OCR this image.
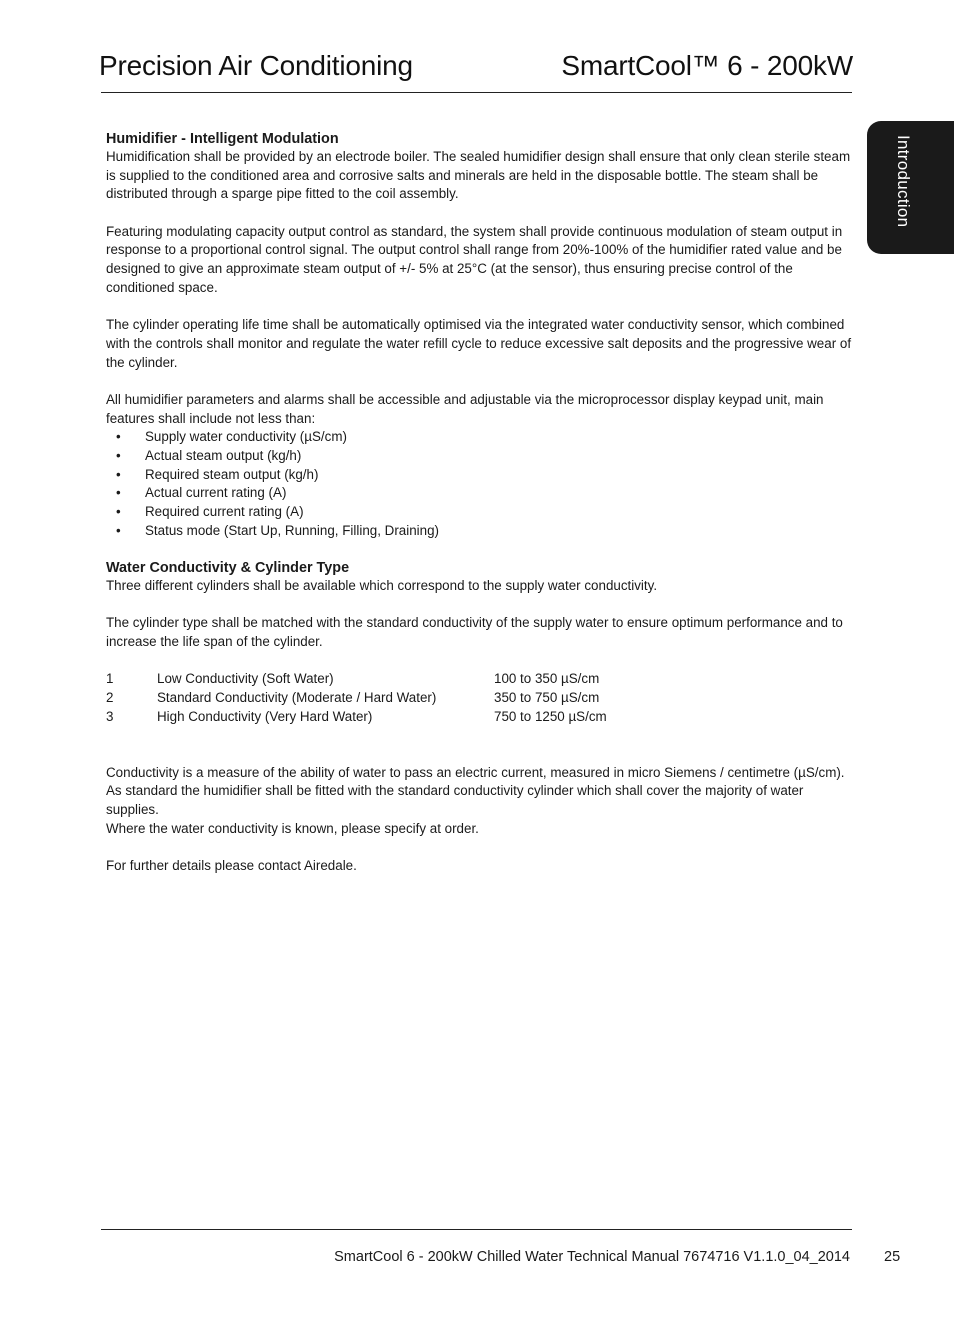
Precision Air Conditioning	SmartCool™ 6 - 200kW
Introduction
Humidifier - Intelligent Modulation

Humidification shall be provided by an electrode boiler. The sealed humidifier design shall ensure that only clean sterile steam is supplied to the conditioned area and corrosive salts and minerals are held in the disposable bottle. The steam shall be distributed through a sparge pipe fitted to the coil assembly.

Featuring modulating capacity output control as standard, the system shall provide continuous modulation of steam output in response to a proportional control signal. The output control shall range from 20%-100% of the humidifier rated value and be designed to give an approximate steam output of +/- 5% at 25°C (at the sensor), thus ensuring precise control of the conditioned space.

The cylinder operating life time shall be automatically optimised via the integrated water conductivity sensor, which combined with the controls shall monitor and regulate the water refill cycle to reduce excessive salt deposits and the progressive wear of the cylinder.

All humidifier parameters and alarms shall be accessible and adjustable via the microprocessor display keypad unit, main features shall include not less than:

• Supply water conductivity (µS/cm)
• Actual steam output (kg/h)
• Required steam output (kg/h)
• Actual current rating (A)
• Required current rating (A)
• Status mode (Start Up, Running, Filling, Draining)
Water Conductivity & Cylinder Type

Three different cylinders shall be available which correspond to the supply water conductivity.

The cylinder type shall be matched with the standard conductivity of the supply water to ensure optimum performance and to increase the life span of the cylinder.

1	Low Conductivity (Soft Water)	100 to 350 µS/cm
2	Standard Conductivity (Moderate / Hard Water)	350 to 750 µS/cm
3	High Conductivity (Very Hard Water)	750 to 1250 µS/cm

Conductivity is a measure of the ability of water to pass an electric current, measured in micro Siemens / centimetre (µS/cm).

As standard the humidifier shall be fitted with the standard conductivity cylinder which shall cover the majority of water supplies.

Where the water conductivity is known, please specify at order.

For further details please contact Airedale.

SmartCool 6 - 200kW Chilled Water Technical Manual 7674716 V1.1.0_04_2014 25
